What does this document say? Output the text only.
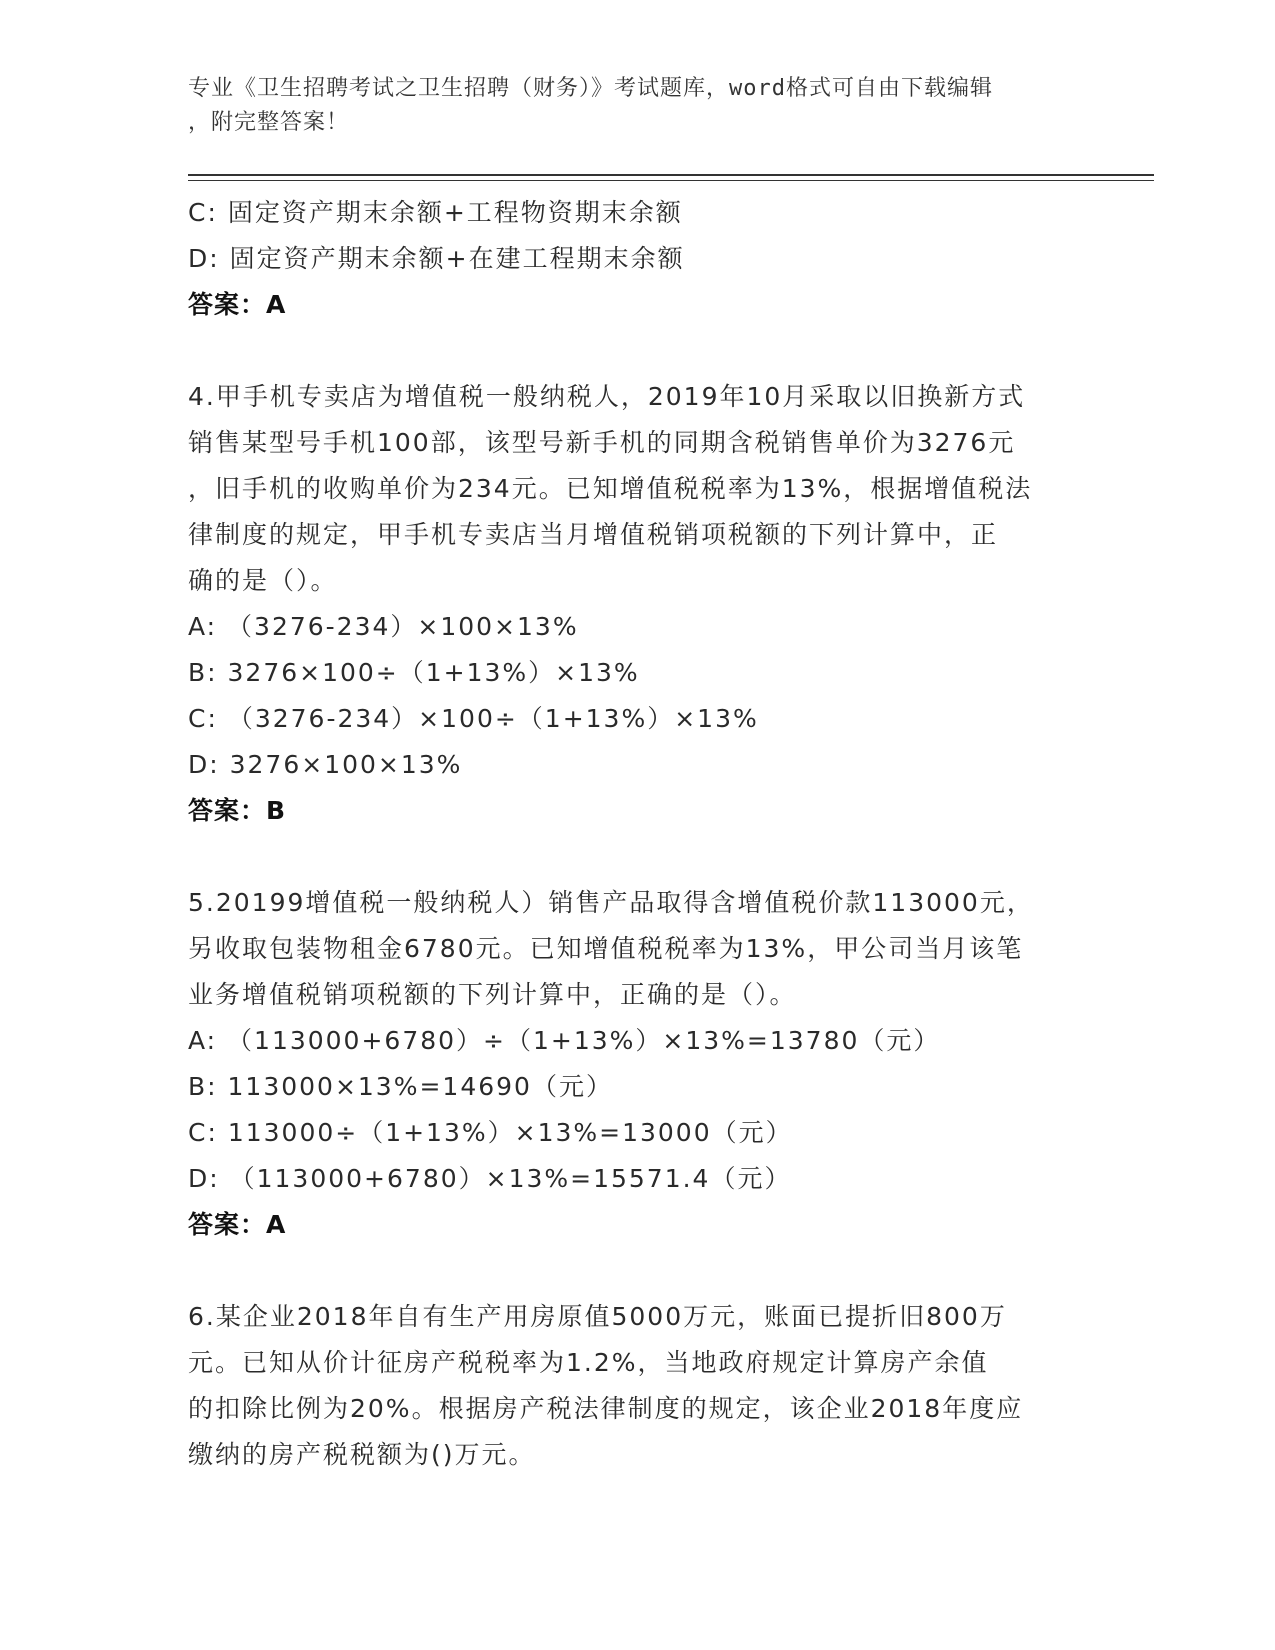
专业《卫生招聘考试之卫生招聘（财务）》考试题库，word格式可自由下载编辑
，附完整答案！
C: 固定资产期末余额+工程物资期末余额
D: 固定资产期末余额+在建工程期末余额
答案：A
4.甲手机专卖店为增值税一般纳税人，2019年10月采取以旧换新方式
销售某型号手机100部，该型号新手机的同期含税销售单价为3276元
，旧手机的收购单价为234元。已知增值税税率为13%，根据增值税法
律制度的规定，甲手机专卖店当月增值税销项税额的下列计算中，正
确的是（）。
A: （3276-234）×100×13%
B: 3276×100÷（1+13%）×13%
C: （3276-234）×100÷（1+13%）×13%
D: 3276×100×13%
答案：B
5.20199增值税一般纳税人）销售产品取得含增值税价款113000元，
另收取包装物租金6780元。已知增值税税率为13%，甲公司当月该笔
业务增值税销项税额的下列计算中，正确的是（）。
A: （113000+6780）÷（1+13%）×13%=13780（元）
B: 113000×13%=14690（元）
C: 113000÷（1+13%）×13%=13000（元）
D: （113000+6780）×13%=15571.4（元）
答案：A
6.某企业2018年自有生产用房原值5000万元，账面已提折旧800万
元。已知从价计征房产税税率为1.2%，当地政府规定计算房产余值
的扣除比例为20%。根据房产税法律制度的规定，该企业2018年度应
缴纳的房产税税额为()万元。
